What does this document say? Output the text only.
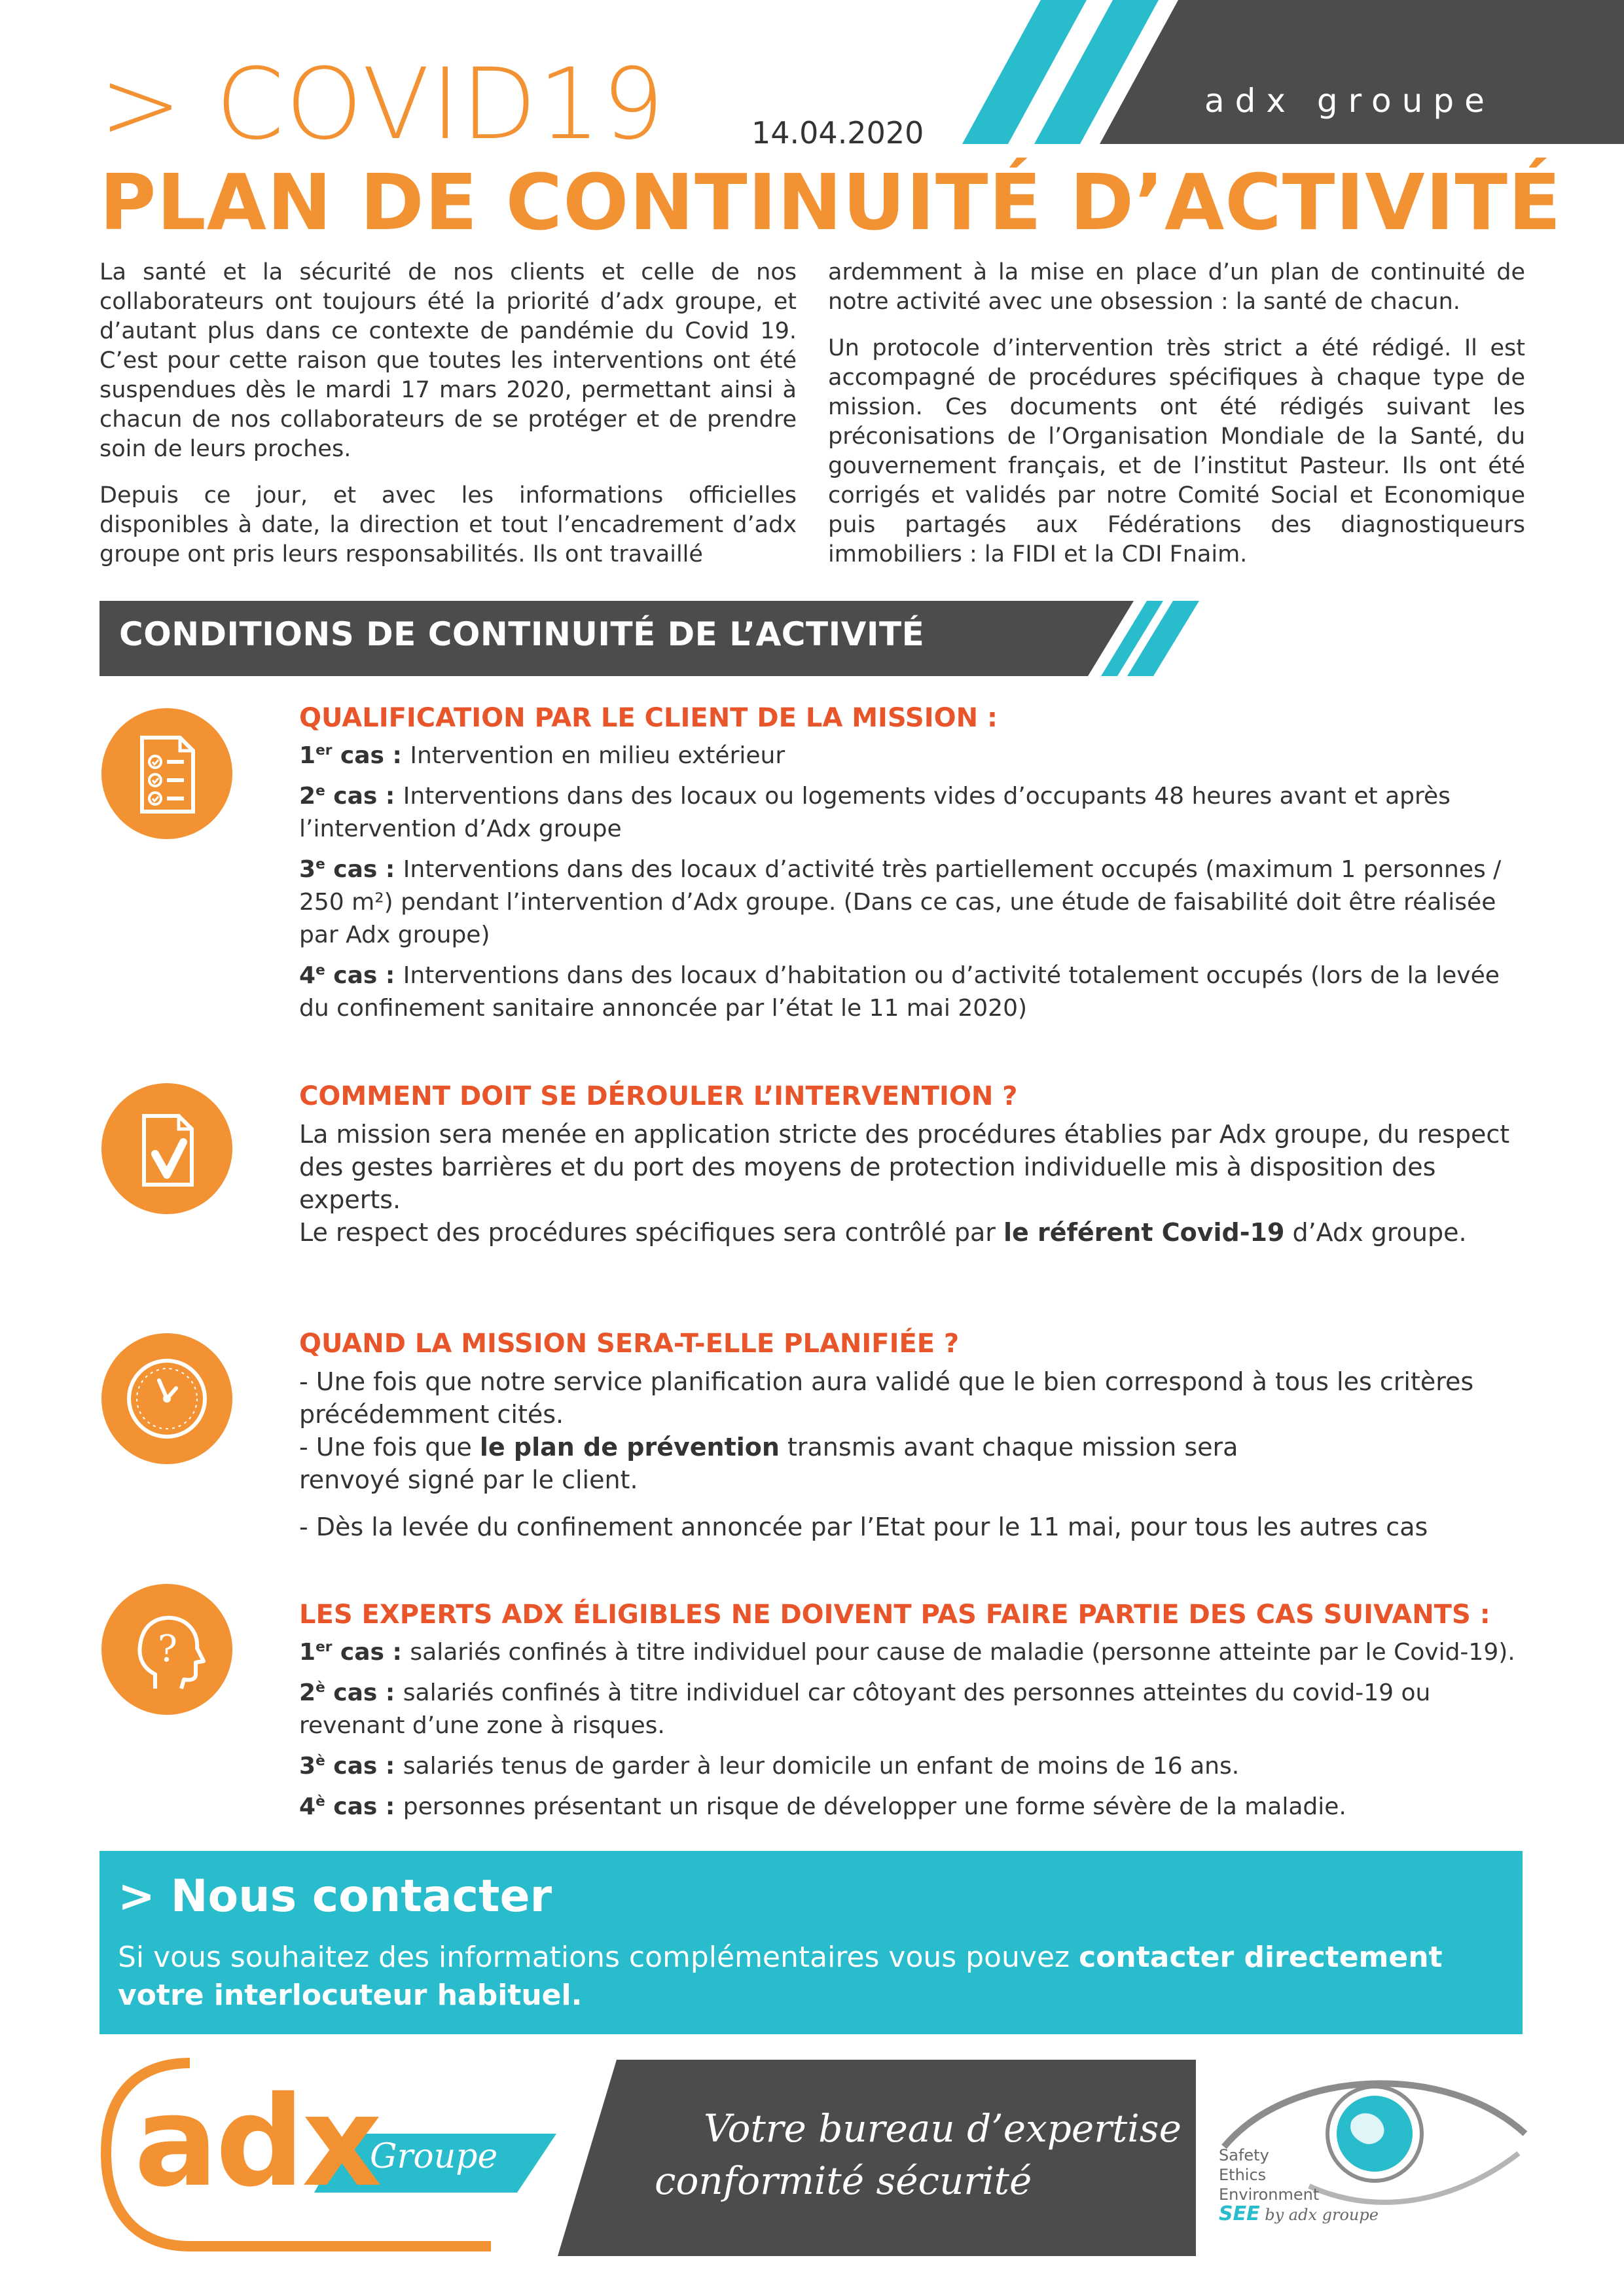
adx groupe
> COVID19	14.04.2020
PLAN DE CONTINUITÉ D’ACTIVITÉ

La santé et la sécurité de nos clients et celle de nos collaborateurs ont toujours été la priorité d’adx groupe, et d’autant plus dans ce contexte de pandémie du Covid 19. C’est pour cette raison que toutes les interventions ont été suspendues dès le mardi 17 mars 2020, permettant ainsi à chacun de nos collaborateurs de se protéger et de prendre soin de leurs proches.

Depuis ce jour, et avec les informations officielles disponibles à date, la direction et tout l’encadrement d’adx groupe ont pris leurs responsabilités. Ils ont travaillé

ardemment à la mise en place d’un plan de continuité de notre activité avec une obsession : la santé de chacun.

Un protocole d’intervention très strict a été rédigé. Il est accompagné de procédures spécifiques à chaque type de mission. Ces documents ont été rédigés suivant les préconisations de l’Organisation Mondiale de la Santé, du gouvernement français, et de l’institut Pasteur. Ils ont été corrigés et validés par notre Comité Social et Economique puis partagés aux Fédérations des diagnostiqueurs immobiliers : la FIDI et la CDI Fnaim.

CONDITIONS DE CONTINUITÉ DE L’ACTIVITÉ
QUALIFICATION PAR LE CLIENT DE LA MISSION :

1er cas : Intervention en milieu extérieur

2e cas : Interventions dans des locaux ou logements vides d’occupants 48 heures avant et après l’intervention d’Adx groupe

3e cas : Interventions dans des locaux d’activité très partiellement occupés (maximum 1 personnes / 250 m²) pendant l’intervention d’Adx groupe. (Dans ce cas, une étude de faisabilité doit être réalisée par Adx groupe)

4e cas : Interventions dans des locaux d’habitation ou d’activité totalement occupés (lors de la levée du confinement sanitaire annoncée par l’état le 11 mai 2020)

COMMENT DOIT SE DÉROULER L’INTERVENTION ?

La mission sera menée en application stricte des procédures établies par Adx groupe, du respect des gestes barrières et du port des moyens de protection individuelle mis à disposition des experts.

Le respect des procédures spécifiques sera contrôlé par le référent Covid-19 d’Adx groupe.

QUAND LA MISSION SERA-T-ELLE PLANIFIÉE ?

- Une fois que notre service planification aura validé que le bien correspond à tous les critères précédemment cités.

- Une fois que le plan de prévention transmis avant chaque mission sera renvoyé signé par le client.

- Dès la levée du confinement annoncée par l’Etat pour le 11 mai, pour tous les autres cas

?
LES EXPERTS ADX ÉLIGIBLES NE DOIVENT PAS FAIRE PARTIE DES CAS SUIVANTS :

1er cas : salariés confinés à titre individuel pour cause de maladie (personne atteinte par le Covid-19).

$2^è$ cas : salariés confinés à titre individuel car côtoyant des personnes atteintes du covid-19 ou revenant d’une zone à risques.

$3^è$ cas : salariés tenus de garder à leur domicile un enfant de moins de 16 ans.

$4^è$ cas : personnes présentant un risque de développer une forme sévère de la maladie.

> Nous contacter
Si vous souhaitez des informations complémentaires vous pouvez contacter directement votre interlocuteur habituel.
adx
Groupe
Votre bureau d’expertise
conformité sécurité
Safety
Ethics
Environment
SEE by adx groupe
